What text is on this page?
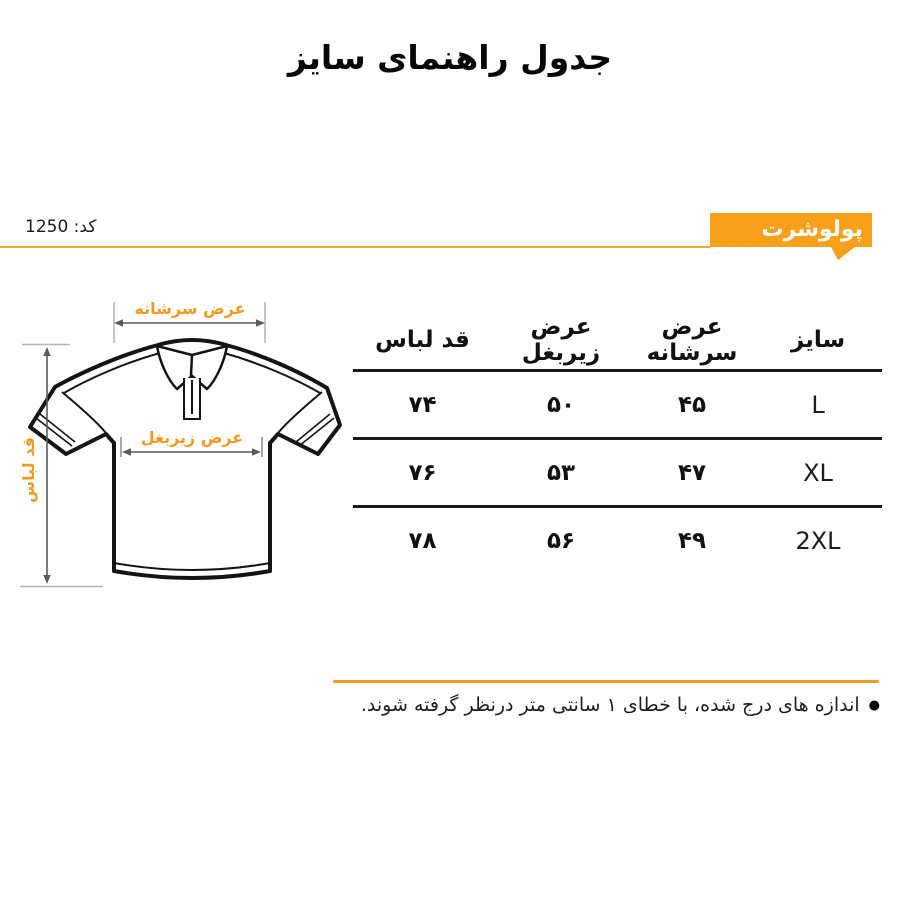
جدول راهنمای سایز
پولوشرت
کد: 1250
عرض سرشانه
عرض زیربغل
قد لباس
سایز
عرض سرشانه
عرض زیربغل
قد لباس
L
۴۵
۵۰
۷۴
XL
۴۷
۵۳
۷۶
2XL
۴۹
۵۶
۷۸
●
اندازه های درج شده، با خطای ۱ سانتی متر درنظر گرفته شوند.
